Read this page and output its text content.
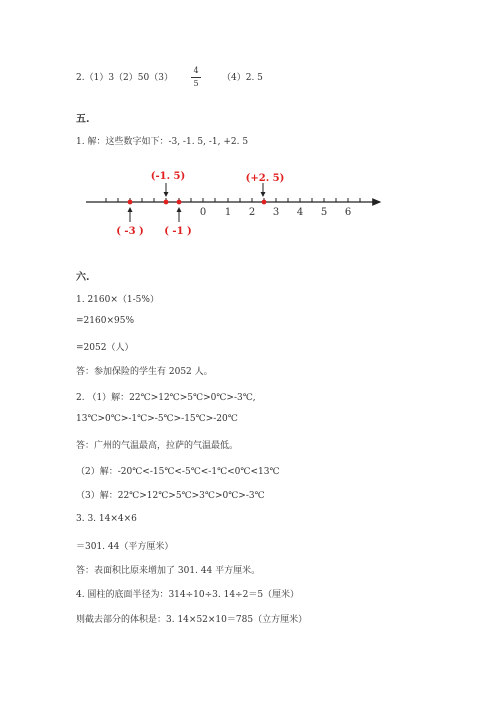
2.（1）3（2）50（3）
4
5
（4）2. 5
五.
1. 解：这些数字如下：-3, -1. 5, -1, +2. 5
0 1 2 3 4 5 6
(-1. 5)	(+2. 5)
( -3 ) ( -1 )
六.
1. 2160×（1-5%）
=2160×95%
=2052（人）
答：参加保险的学生有 2052 人。
2. （1）解：22℃>12℃>5℃>0℃>-3℃,
13℃>0℃>-1℃>-5℃>-15℃>-20℃
答：广州的气温最高，拉萨的气温最低。
（2）解：-20℃<-15℃<-5℃<-1℃<0℃<13℃
（3）解：22℃>12℃>5℃>3℃>0℃>-3℃
3. 3. 14×4×6
＝301. 44（平方厘米）
答：表面积比原来增加了 301. 44 平方厘米。
4. 圆柱的底面半径为：314÷10÷3. 14÷2＝5（厘米）
则截去部分的体积是：3. 14×52×10＝785（立方厘米）
